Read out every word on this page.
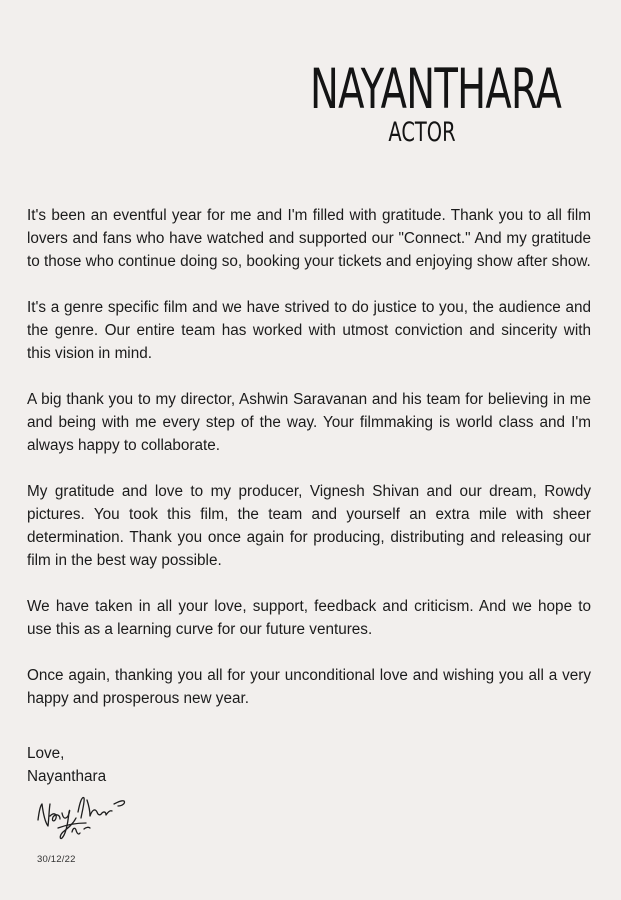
NAYANTHARA
ACTOR

It's been an eventful year for me and I'm filled with gratitude. Thank you to all film lovers and fans who have watched and supported our "Connect." And my gratitude to those who continue doing so, booking your tickets and enjoying show after show.

It's a genre specific film and we have strived to do justice to you, the audience and the genre. Our entire team has worked with utmost conviction and sincerity with this vision in mind.

A big thank you to my director, Ashwin Saravanan and his team for believing in me and being with me every step of the way. Your filmmaking is world class and I'm always happy to collaborate.

My gratitude and love to my producer, Vignesh Shivan and our dream, Rowdy pictures. You took this film, the team and yourself an extra mile with sheer determination. Thank you once again for producing, distributing and releasing our film in the best way possible.

We have taken in all your love, support, feedback and criticism. And we hope to use this as a learning curve for our future ventures.

Once again, thanking you all for your unconditional love and wishing you all a very happy and prosperous new year.

Love,
Nayanthara
30/12/22
